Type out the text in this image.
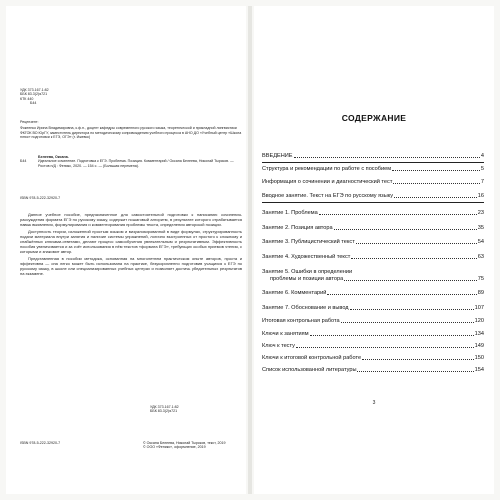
УДК 373.167.1:82
ББК 83.3(2)я721
КТК 440
Б44
Рецензент:
Фокеенко Ирина Владимировна, к.ф.н., доцент кафедры современного русского языка, теоретической и прикладной лингвистики ФКГОК ВО ЮрГУ, заместитель директора по методическому сопровождению учебного процесса в АНО ДО «Учебный центр «Школа плюс» подготовки к ЕГЭ, ОГЭ» (г. Ижевск)
Белеева, Оксана.
Б44	Идеальное сочинение. Подготовка к ЕГЭ. Проблема. Позиция. Комментарий / Оксана Белеева, Николай Тырсков. — Ростов н/Д : Феникс, 2020. — 154 с. — (Большая перемена).
ISBN 978-5-222-32920-7

Данное учебное пособие, предназначенное для самостоятельной подготовки к написанию сочинения-рассуждения формата ЕГЭ по русскому языку, содержит пошаговый алгоритм, в результате которого отрабатывается навык выявления, формулирования и комментирования проблемы текста, определения авторской позиции.

Доступность теории, изложенной простым языком и визуализированной в виде формулах, структурированность подачи материала внутри занятия и наличие системы упражнений, логично выстроенных от простого к сложному и снабжённых ключами-ответами, делают процесс самообучения увлекательным и результативным. Эффективность пособия увеличивается и за счёт использования в нём текстов «формата ЕГЭ», требующих особых приемов чтения, с которыми и знакомит автор.

Представленная в пособии методика, основанная на многолетнем практическом опыте авторов, проста и эффективна — она легко может быть использована на практике, безукоризненно подготовив учащихся к ЕГЭ по русскому языку, в школе или специализированных учебных центрах и позволяет достичь убедительных результатов на экзамене.

УДК 373.167.1:82
ББК 83.3(2)я721
ISBN 978-5-222-32920-7	© Оксана Белеева, Николай Тырсков, текст, 2019
© ООО «Феникс», оформление, 2019
СОДЕРЖАНИЕ
ВВЕДЕНИЕ	4
Структура и рекомендации по работе с пособием	5
Информация о сочинении и диагностический тест	7
Вводное занятие. Текст на ЕГЭ по русскому языку	16
Занятие 1. Проблема	23
Занятие 2. Позиция автора	35
Занятие 3. Публицистический текст	54
Занятие 4. Художественный текст	63
Занятие 5. Ошибки в определении
проблемы и позиции автора	75
Занятие 6. Комментарий	89
Занятие 7. Обоснование и вывод	107
Итоговая контрольная работа	120
Ключи к занятиям	134
Ключ к тесту	149
Ключи к итоговой контрольной работе	150
Список использованной литературы	154
3
